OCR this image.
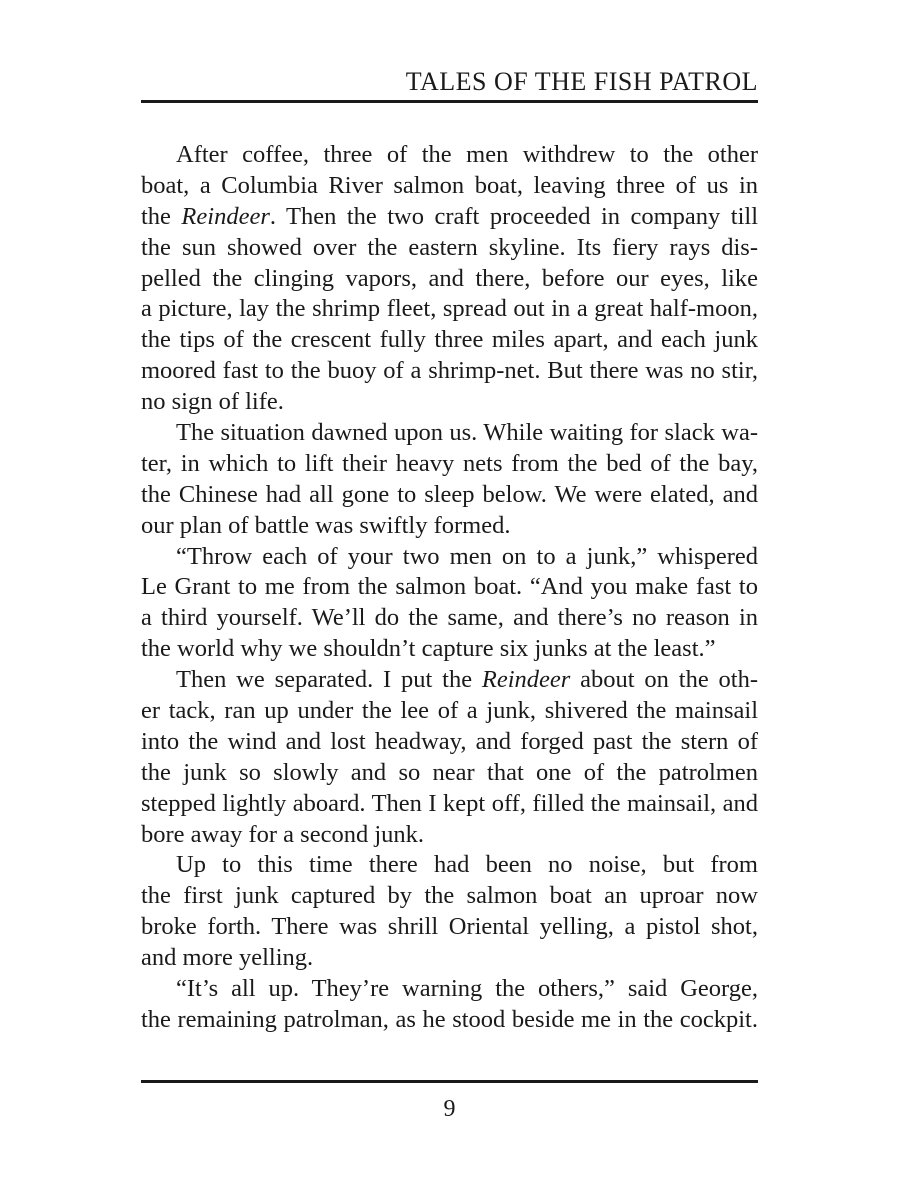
TALES OF THE FISH PATROL
After coffee, three of the men withdrew to the other
boat, a Columbia River salmon boat, leaving three of us in
the Reindeer. Then the two craft proceeded in company till
the sun showed over the eastern skyline. Its fiery rays dis-
pelled the clinging vapors, and there, before our eyes, like
a picture, lay the shrimp fleet, spread out in a great half-moon,
the tips of the crescent fully three miles apart, and each junk
moored fast to the buoy of a shrimp-net. But there was no stir,
no sign of life.
The situation dawned upon us. While waiting for slack wa-
ter, in which to lift their heavy nets from the bed of the bay,
the Chinese had all gone to sleep below. We were elated, and
our plan of battle was swiftly formed.
“Throw each of your two men on to a junk,” whispered
Le Grant to me from the salmon boat. “And you make fast to
a third yourself. We’ll do the same, and there’s no reason in
the world why we shouldn’t capture six junks at the least.”
Then we separated. I put the Reindeer about on the oth-
er tack, ran up under the lee of a junk, shivered the mainsail
into the wind and lost headway, and forged past the stern of
the junk so slowly and so near that one of the patrolmen
stepped lightly aboard. Then I kept off, filled the mainsail, and
bore away for a second junk.
Up to this time there had been no noise, but from
the first junk captured by the salmon boat an uproar now
broke forth. There was shrill Oriental yelling, a pistol shot,
and more yelling.
“It’s all up. They’re warning the others,” said George,
the remaining patrolman, as he stood beside me in the cockpit.
9
